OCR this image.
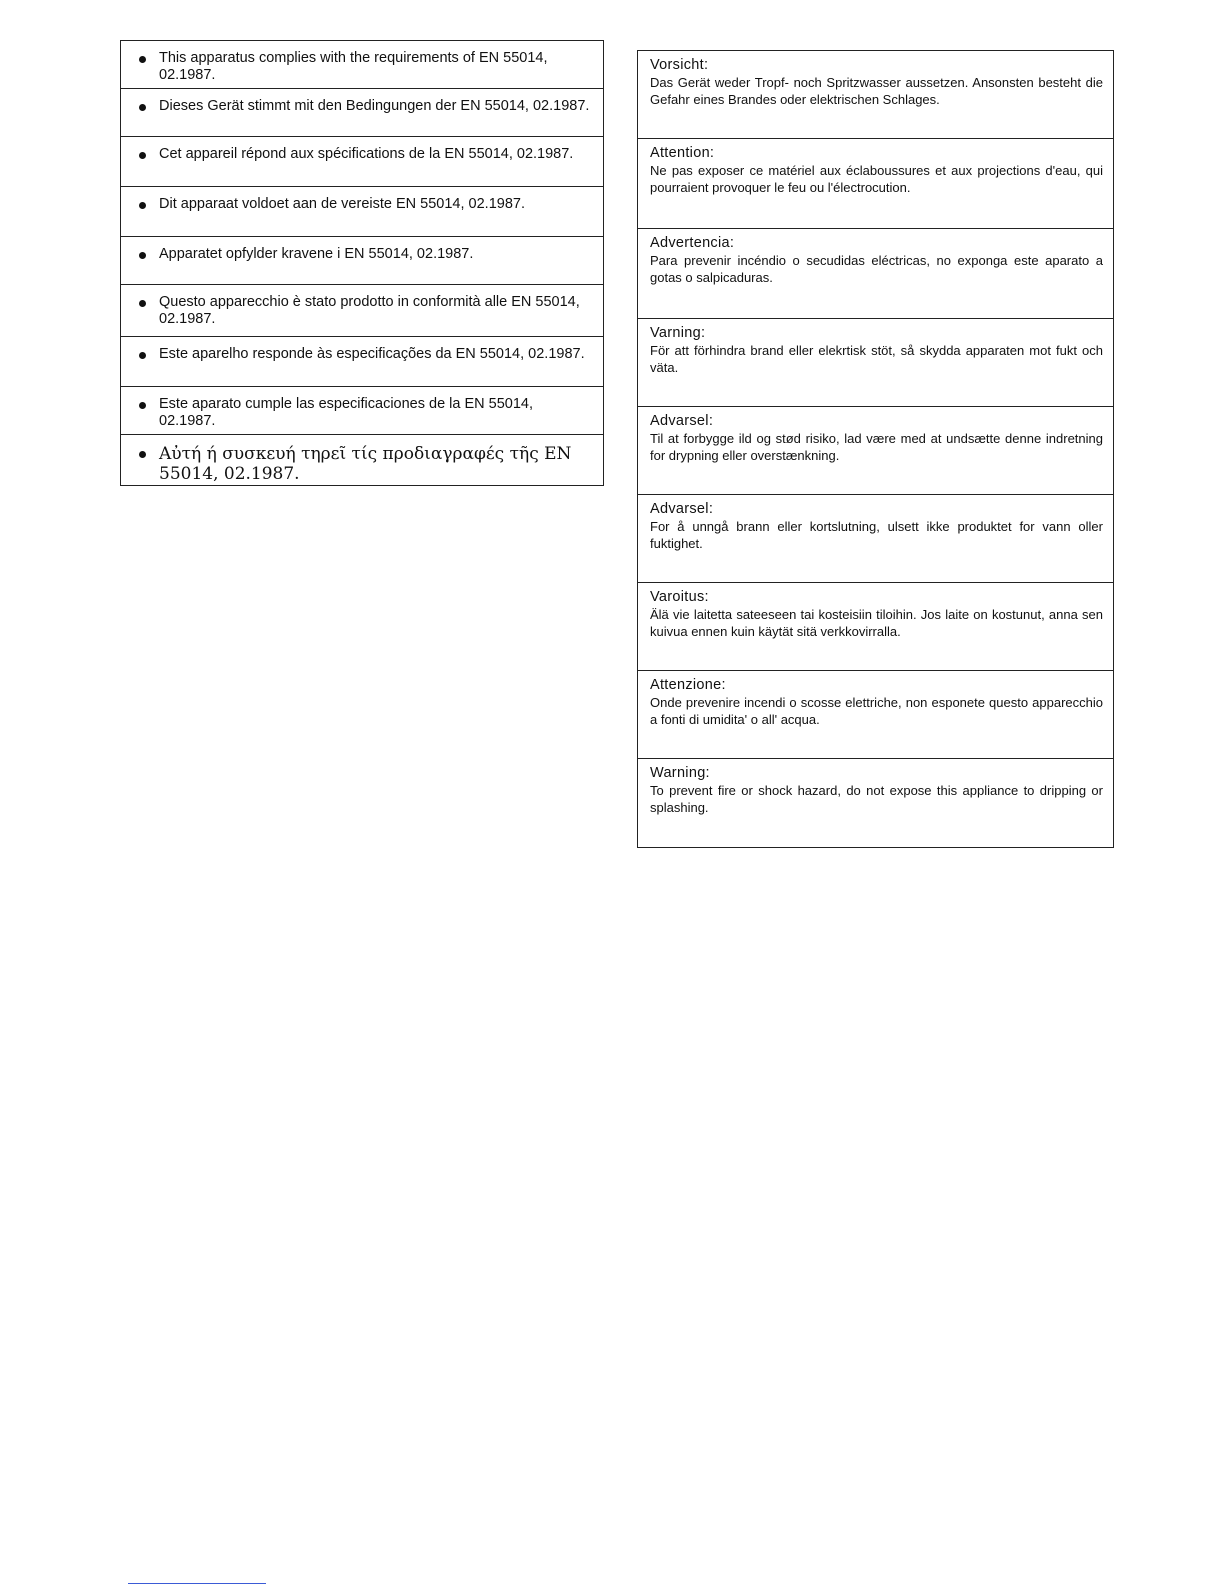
This apparatus complies with the requirements of EN 55014, 02.1987.
Dieses Gerät stimmt mit den Bedingungen der EN 55014, 02.1987.
Cet appareil répond aux spécifications de la EN 55014, 02.1987.
Dit apparaat voldoet aan de vereiste EN 55014, 02.1987.
Apparatet opfylder kravene i EN 55014, 02.1987.
Questo apparecchio è stato prodotto in conformità alle EN 55014, 02.1987.
Este aparelho responde às especificações da EN 55014, 02.1987.
Este aparato cumple las especificaciones de la EN 55014, 02.1987.
Αὐτή ή συσκευή τηρεῖ τίς προδιαγραφές τῆς EN 55014, 02.1987.
Vorsicht:
Das Gerät weder Tropf- noch Spritzwasser aussetzen. Ansonsten besteht die Gefahr eines Brandes oder elektrischen Schlages.
Attention:
Ne pas exposer ce matériel aux éclaboussures et aux projections d'eau, qui pourraient provoquer le feu ou l'électrocution.
Advertencia:
Para prevenir incéndio o secudidas eléctricas, no exponga este aparato a gotas o salpicaduras.
Varning:
För att förhindra brand eller elekrtisk stöt, så skydda apparaten mot fukt och väta.
Advarsel:
Til at forbygge ild og stød risiko, lad være med at undsætte denne indretning for drypning eller overstænkning.
Advarsel:
For å unngå brann eller kortslutning, ulsett ikke produktet for vann oller fuktighet.
Varoitus:
Älä vie laitetta sateeseen tai kosteisiin tiloihin. Jos laite on kostunut, anna sen kuivua ennen kuin käytät sitä verkkovirralla.
Attenzione:
Onde prevenire incendi o scosse elettriche, non esponete questo apparecchio a fonti di umidita' o all' acqua.
Warning:
To prevent fire or shock hazard, do not expose this appliance to dripping or splashing.
